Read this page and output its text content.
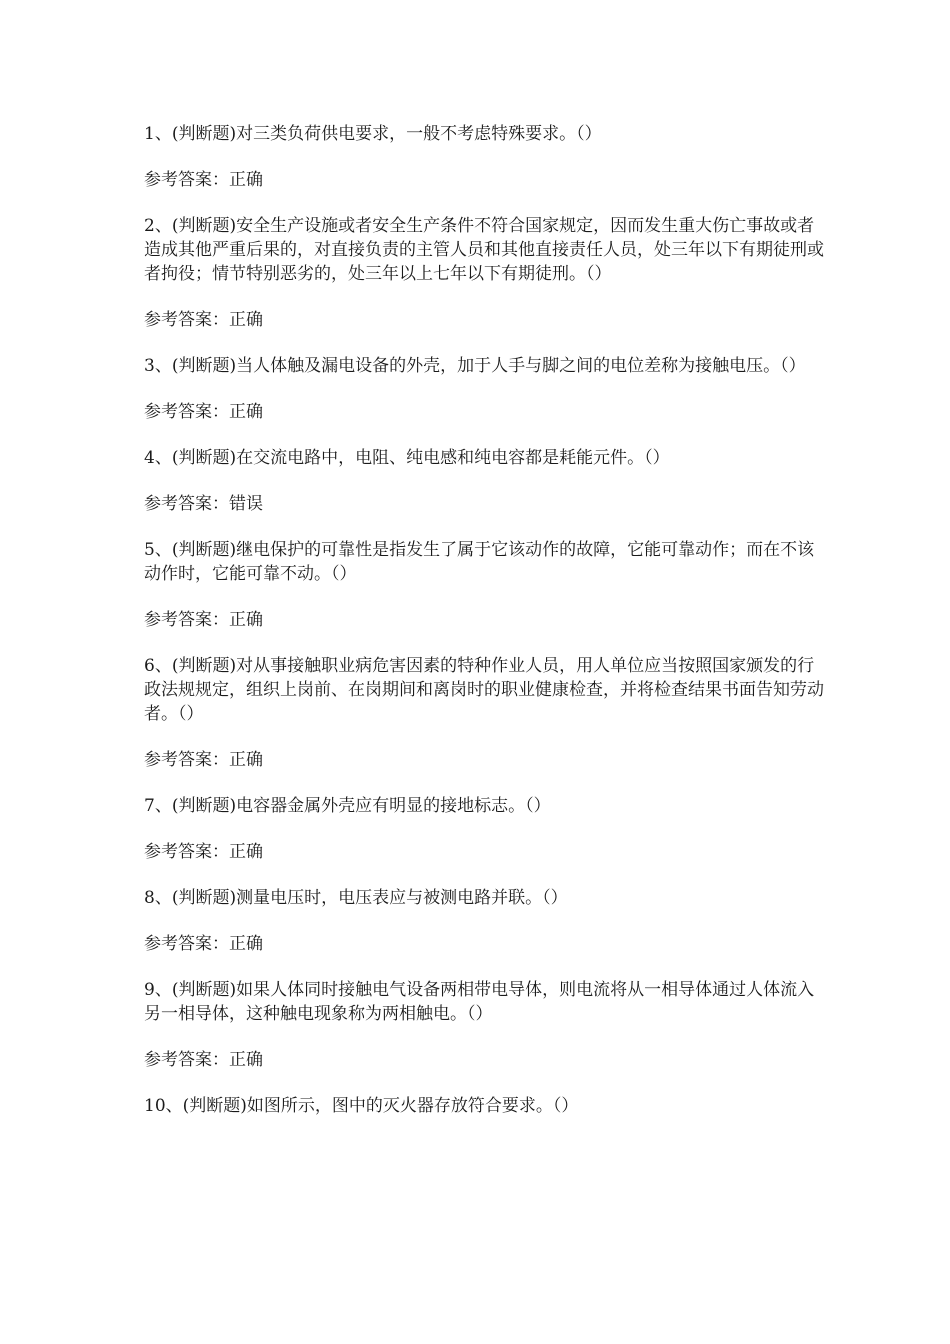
1、(判断题)对三类负荷供电要求，一般不考虑特殊要求。（）

参考答案：正确

2、(判断题)安全生产设施或者安全生产条件不符合国家规定，因而发生重大伤亡事故或者造成其他严重后果的，对直接负责的主管人员和其他直接责任人员，处三年以下有期徒刑或者拘役；情节特别恶劣的，处三年以上七年以下有期徒刑。（）

参考答案：正确

3、(判断题)当人体触及漏电设备的外壳，加于人手与脚之间的电位差称为接触电压。（）

参考答案：正确

4、(判断题)在交流电路中，电阻、纯电感和纯电容都是耗能元件。（）

参考答案：错误

5、(判断题)继电保护的可靠性是指发生了属于它该动作的故障，它能可靠动作；而在不该动作时，它能可靠不动。（）

参考答案：正确

6、(判断题)对从事接触职业病危害因素的特种作业人员，用人单位应当按照国家颁发的行政法规规定，组织上岗前、在岗期间和离岗时的职业健康检查，并将检查结果书面告知劳动者。（）

参考答案：正确

7、(判断题)电容器金属外壳应有明显的接地标志。（）

参考答案：正确

8、(判断题)测量电压时，电压表应与被测电路并联。（）

参考答案：正确

9、(判断题)如果人体同时接触电气设备两相带电导体，则电流将从一相导体通过人体流入另一相导体，这种触电现象称为两相触电。（）

参考答案：正确

10、(判断题)如图所示，图中的灭火器存放符合要求。（）
